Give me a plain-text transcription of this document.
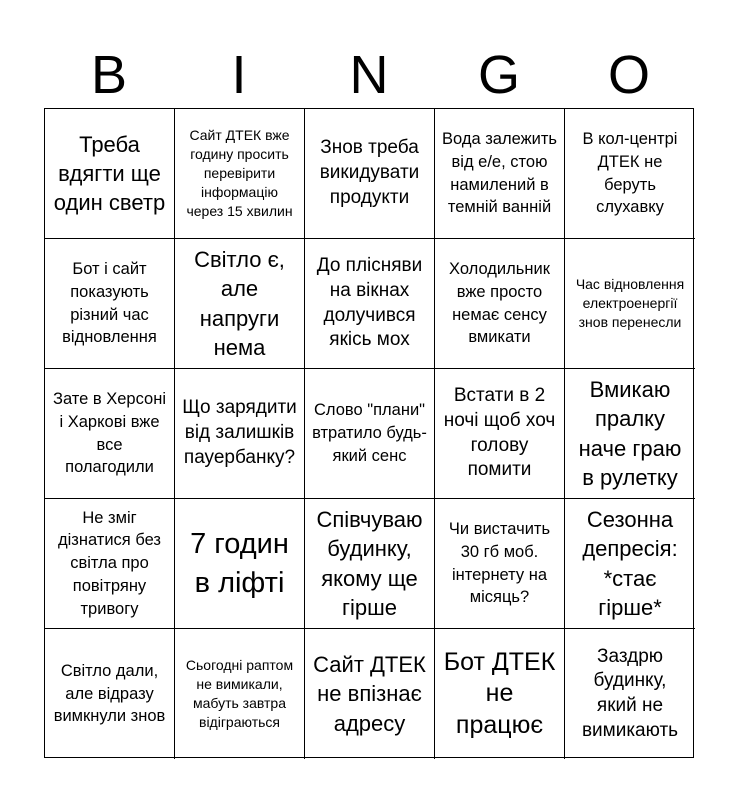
B	I	N	G	O
Треба вдягти ще один светр
Сайт ДТЕК вже годину просить перевірити інформацію через 15 хвилин
Знов треба викидувати продукти
Вода залежить від е/е, стою намилений в темній ванній
В кол-центрі ДТЕК не беруть слухавку
Бот і сайт показують різний час відновлення
Світло є, але напруги нема
До плісняви на вікнах долучився якісь мох
Холодильник вже просто немає сенсу вмикати
Час відновлення електроенергії знов перенесли
Зате в Херсоні і Харкові вже все полагодили
Що зарядити від залишків пауербанку?
Слово "плани" втратило будь-який сенс
Встати в 2 ночі щоб хоч голову помити
Вмикаю пралку наче граю в рулетку
Не зміг дізнатися без світла про повітряну тривогу
7 годин в ліфті
Співчуваю будинку, якому ще гірше
Чи вистачить 30 гб моб. інтернету на місяць?
Сезонна депресія: *стає гірше*
Світло дали, але відразу вимкнули знов
Сьогодні раптом не вимикали, мабуть завтра відіграються
Сайт ДТЕК не впізнає адресу
Бот ДТЕК не працює
Заздрю будинку, який не вимикають
